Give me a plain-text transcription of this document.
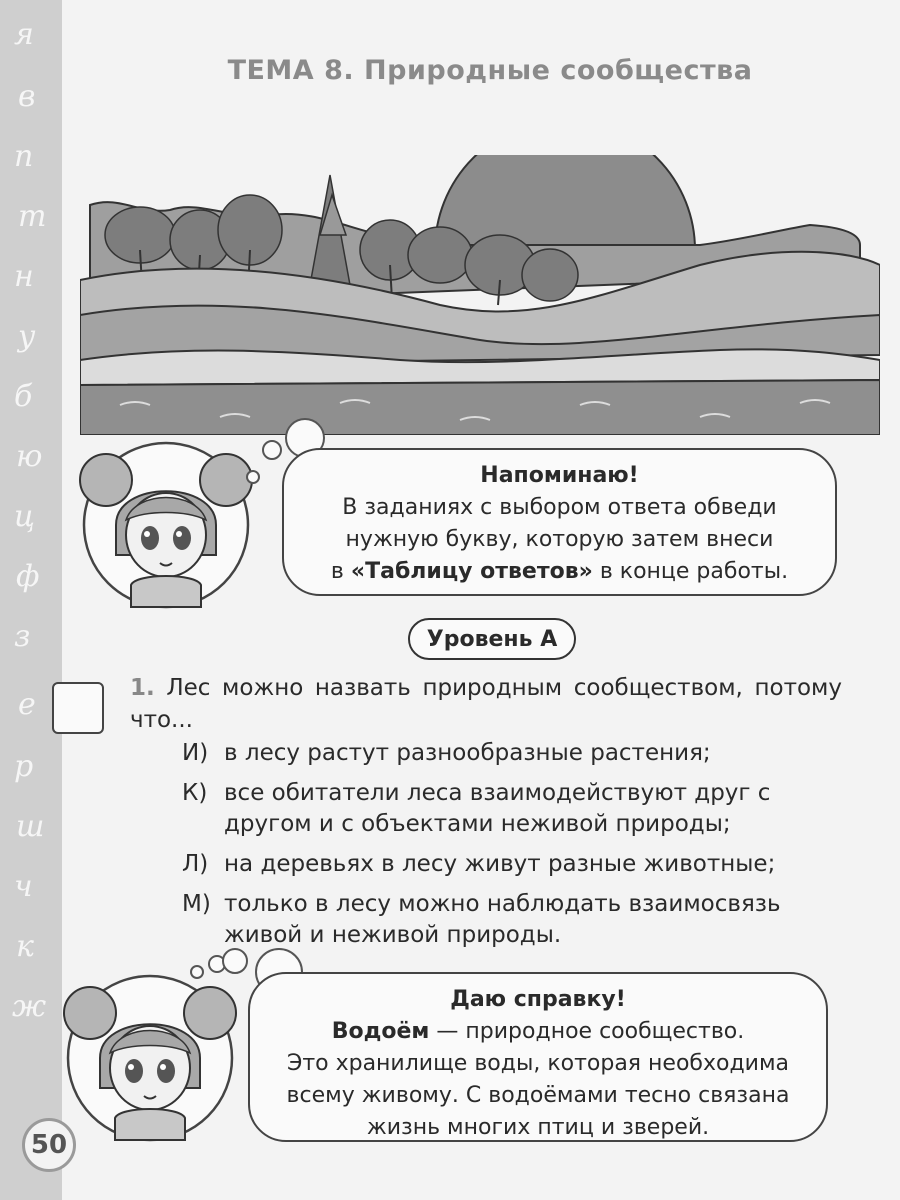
я
в
п
т
н
у
б
ю
ц
ф
з
е
р
ш
ч
к
ж
ТЕМА 8. Природные сообщества
Напоминаю!
В заданиях с выбором ответа обведи
нужную букву, которую затем внеси
в «Таблицу ответов» в конце работы.
Уровень А
1. Лес можно назвать природным сообществом, потому что...
И) в лесу растут разнообразные растения;
К) все обитатели леса взаимодействуют друг с другом и с объектами неживой природы;
Л) на деревьях в лесу живут разные животные;
М) только в лесу можно наблюдать взаимосвязь живой и неживой природы.
Даю справку!
Водоём — природное сообщество.
Это хранилище воды, которая необходима
всему живому. С водоёмами тесно связана
жизнь многих птиц и зверей.
50
